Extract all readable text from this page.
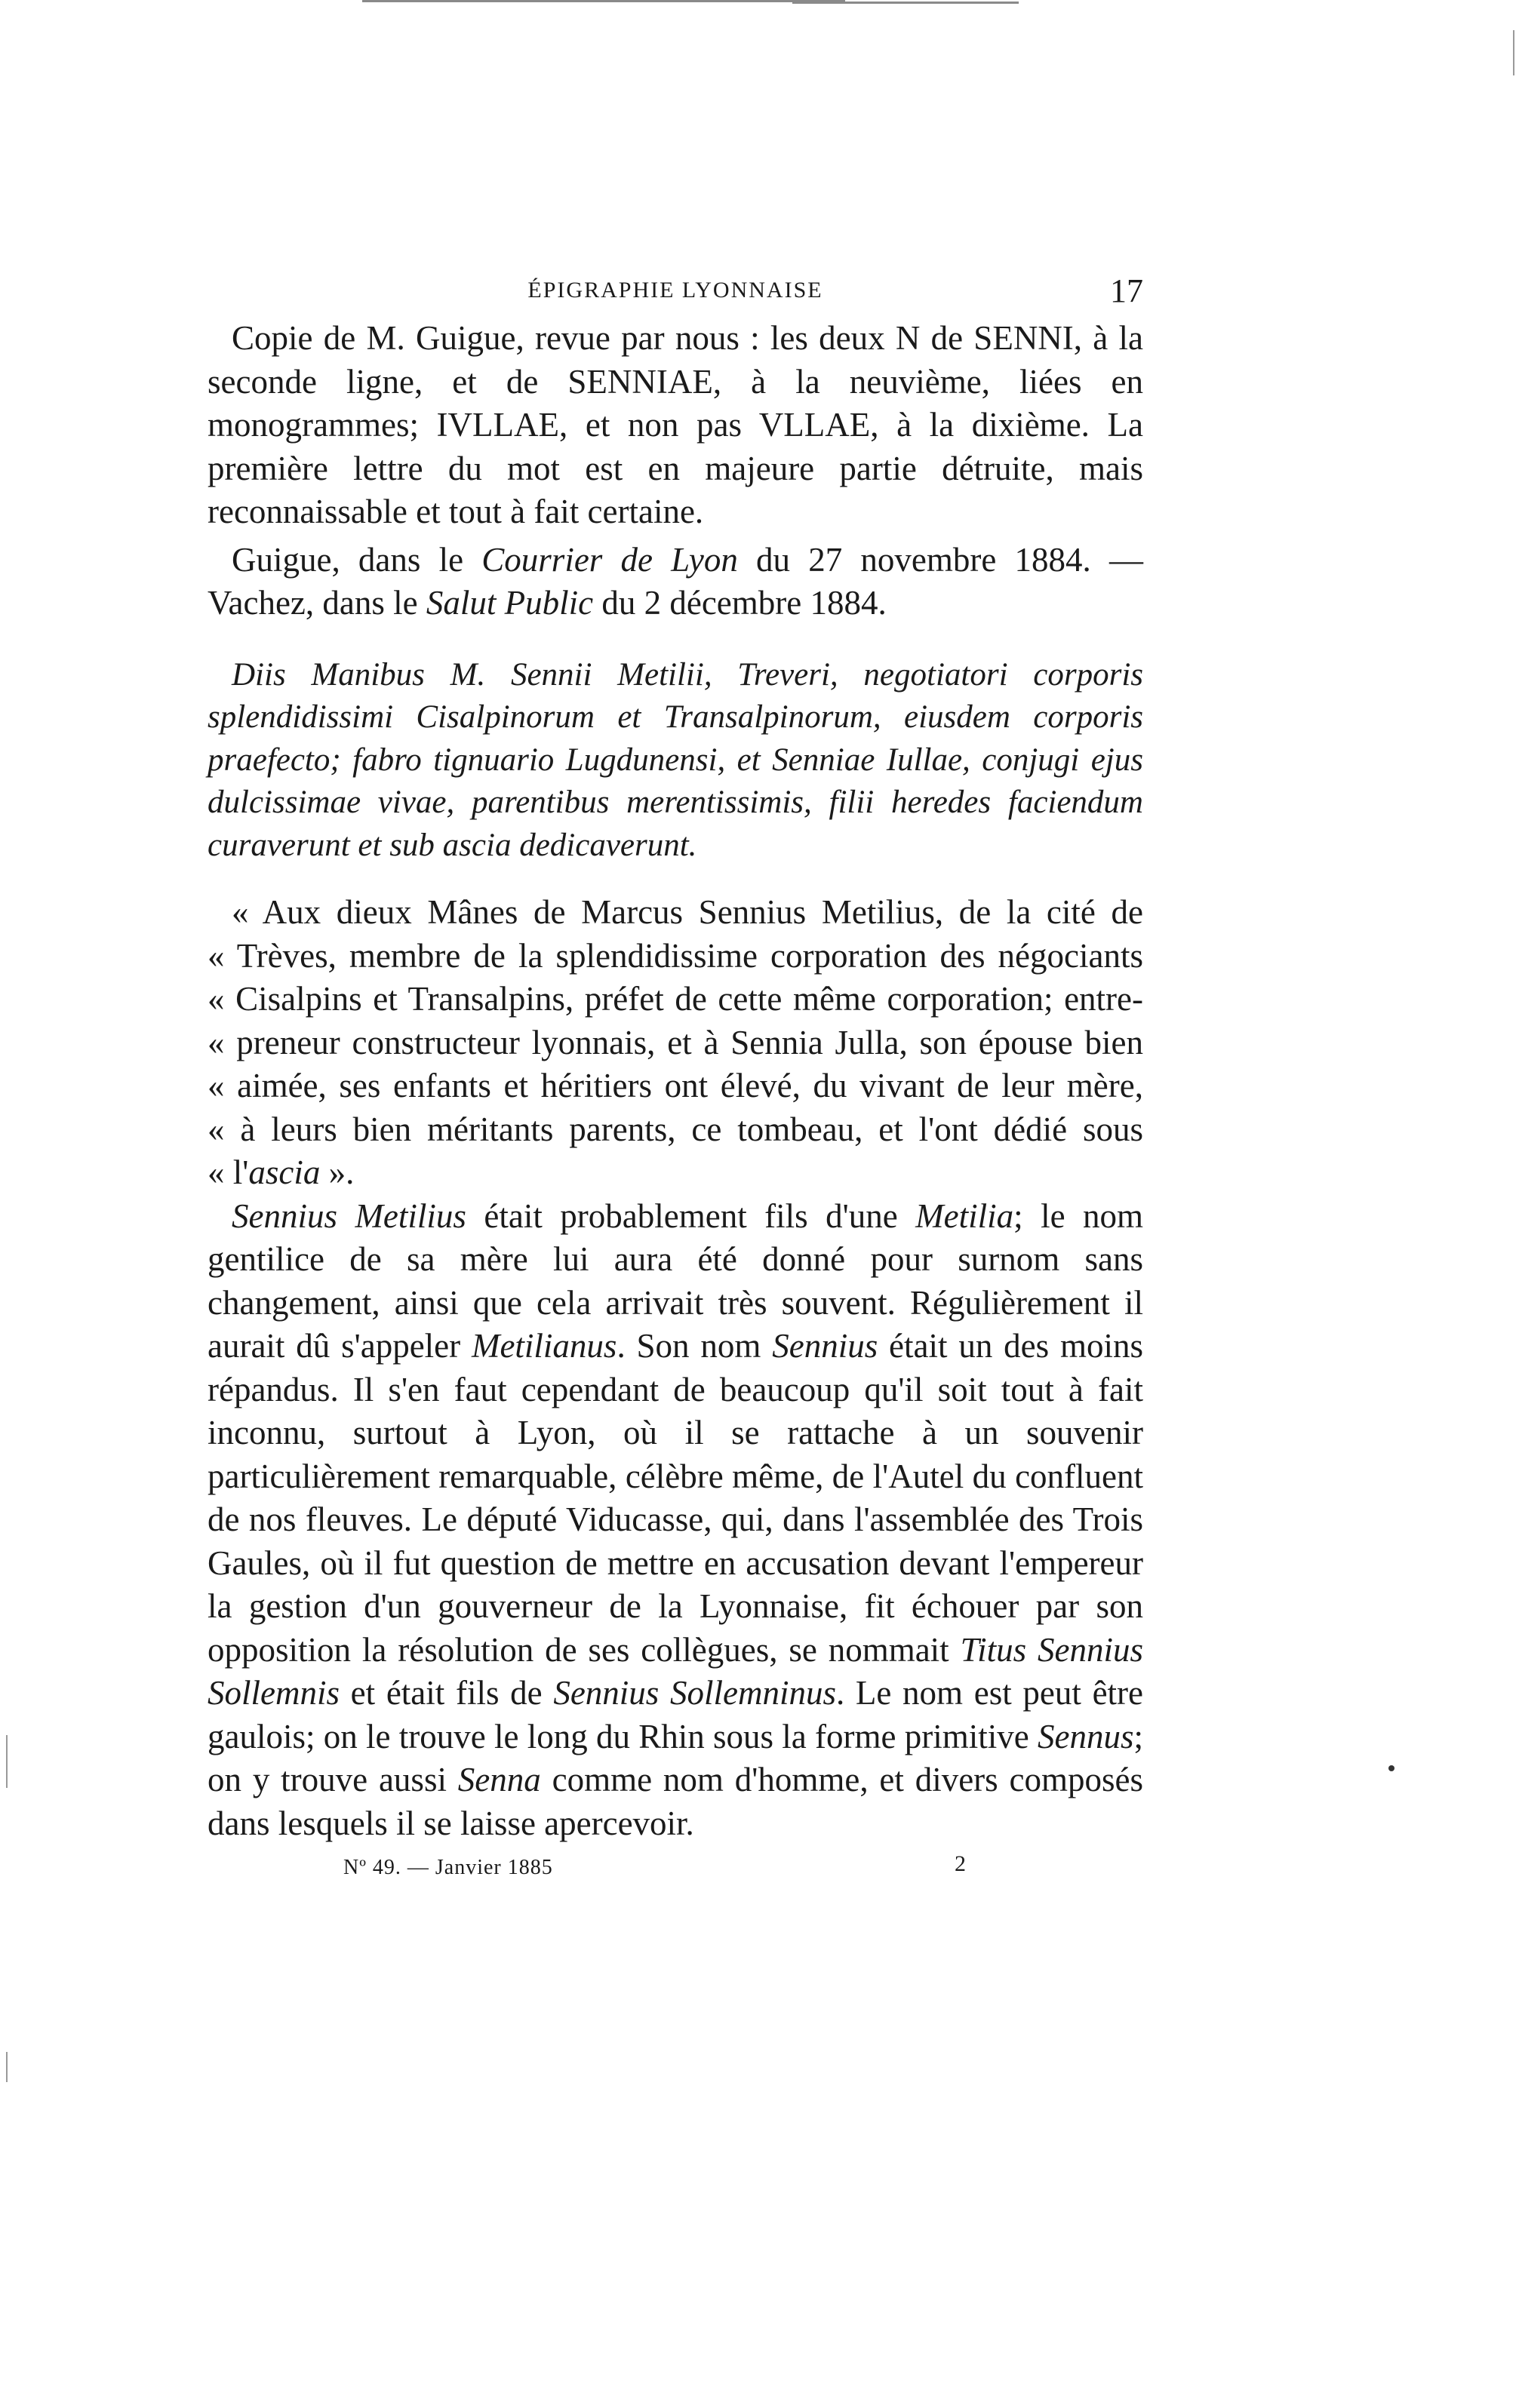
ÉPIGRAPHIE LYONNAISE	17

Copie de M. Guigue, revue par nous : les deux N de SENNI, à la seconde ligne, et de SENNIAE, à la neuvième, liées en monogrammes; IVLLAE, et non pas VLLAE, à la dixième. La première lettre du mot est en majeure partie détruite, mais reconnaissable et tout à fait certaine.

Guigue, dans le Courrier de Lyon du 27 novembre 1884. — Vachez, dans le Salut Public du 2 décembre 1884.

Diis Manibus M. Sennii Metilii, Treveri, negotiatori corporis splendidissimi Cisalpinorum et Transalpinorum, eiusdem corporis praefecto; fabro tignuario Lugdunensi, et Senniae Iullae, conjugi ejus dulcissimae vivae, parentibus merentissimis, filii heredes faciendum curaverunt et sub ascia dedicaverunt.

« Aux dieux Mânes de Marcus Sennius Metilius, de la cité de

« Trèves, membre de la splendidissime corporation des négociants

« Cisalpins et Transalpins, préfet de cette même corporation; entre-

« preneur constructeur lyonnais, et à Sennia Julla, son épouse bien

« aimée, ses enfants et héritiers ont élevé, du vivant de leur mère,

« à leurs bien méritants parents, ce tombeau, et l'ont dédié sous

« l'ascia ».

Sennius Metilius était probablement fils d'une Metilia; le nom gentilice de sa mère lui aura été donné pour surnom sans changement, ainsi que cela arrivait très souvent. Régulièrement il aurait dû s'appeler Metilianus. Son nom Sennius était un des moins répandus. Il s'en faut cependant de beaucoup qu'il soit tout à fait inconnu, surtout à Lyon, où il se rattache à un souvenir particulièrement remarquable, célèbre même, de l'Autel du confluent de nos fleuves. Le député Viducasse, qui, dans l'assemblée des Trois Gaules, où il fut question de mettre en accusation devant l'empereur la gestion d'un gouverneur de la Lyonnaise, fit échouer par son opposition la résolution de ses collègues, se nommait Titus Sennius Sollemnis et était fils de Sennius Sollemninus. Le nom est peut être gaulois; on le trouve le long du Rhin sous la forme primitive Sennus; on y trouve aussi Senna comme nom d'homme, et divers composés dans lesquels il se laisse apercevoir.

Nº 49. — Janvier 1885	2
